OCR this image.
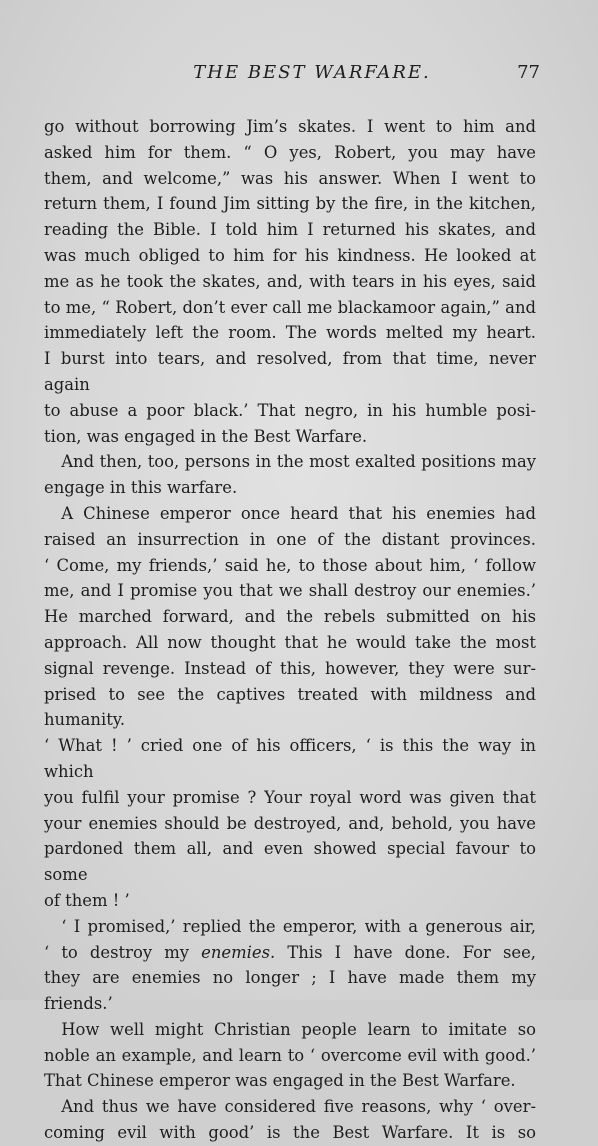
THE BEST WARFARE.	77

go without borrowing Jim’s skates. I went to him and

asked him for them. “ O yes, Robert, you may have

them, and welcome,” was his answer. When I went to

return them, I found Jim sitting by the fire, in the kitchen,

reading the Bible. I told him I returned his skates, and

was much obliged to him for his kindness. He looked at

me as he took the skates, and, with tears in his eyes, said

to me, “ Robert, don’t ever call me blackamoor again,” and

immediately left the room. The words melted my heart.

I burst into tears, and resolved, from that time, never again

to abuse a poor black.’ That negro, in his humble posi-

tion, was engaged in the Best Warfare.

And then, too, persons in the most exalted positions may

engage in this warfare.

A Chinese emperor once heard that his enemies had

raised an insurrection in one of the distant provinces.

‘ Come, my friends,’ said he, to those about him, ‘ follow

me, and I promise you that we shall destroy our enemies.’

He marched forward, and the rebels submitted on his

approach. All now thought that he would take the most

signal revenge. Instead of this, however, they were sur-

prised to see the captives treated with mildness and humanity.

‘ What ! ’ cried one of his officers, ‘ is this the way in which

you fulfil your promise ? Your royal word was given that

your enemies should be destroyed, and, behold, you have

pardoned them all, and even showed special favour to some

of them ! ’

‘ I promised,’ replied the emperor, with a generous air,

‘ to destroy my enemies. This I have done. For see,

they are enemies no longer ; I have made them my friends.’

How well might Christian people learn to imitate so

noble an example, and learn to ‘ overcome evil with good.’

That Chinese emperor was engaged in the Best Warfare.

And thus we have considered five reasons, why ‘ over-

coming evil with good’ is the Best Warfare. It is so
